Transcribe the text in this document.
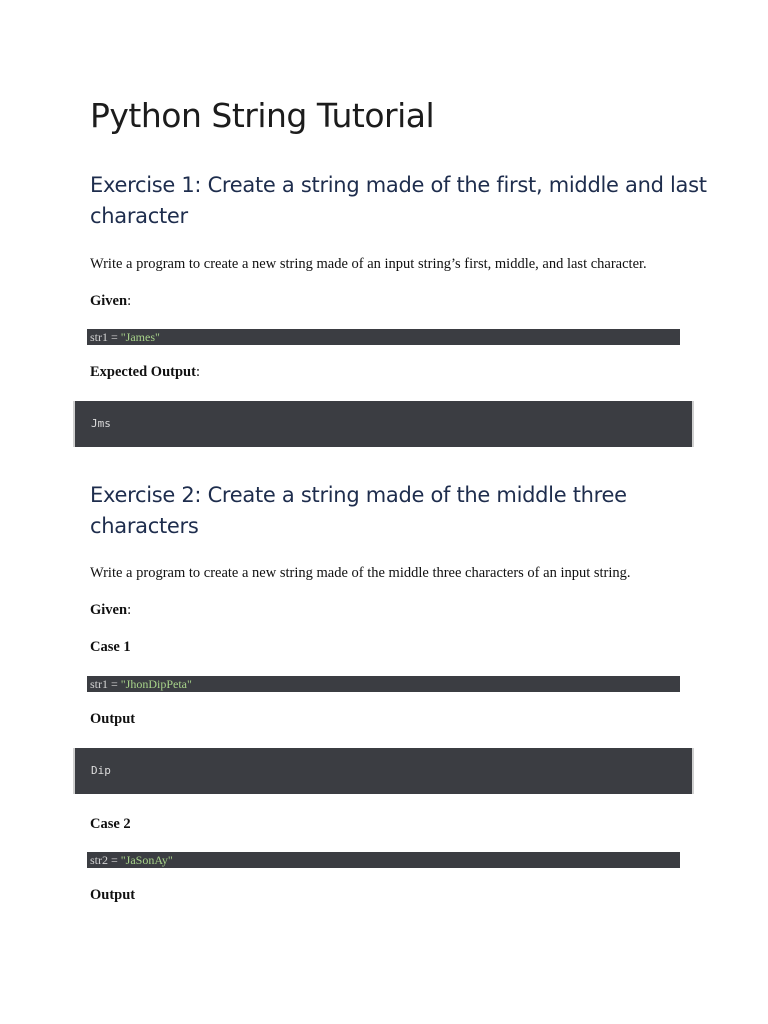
Python String Tutorial
Exercise 1: Create a string made of the first, middle and last character

Write a program to create a new string made of an input string’s first, middle, and last character.

Given:

str1 = "James"

Expected Output:

Jms
Exercise 2: Create a string made of the middle three characters

Write a program to create a new string made of the middle three characters of an input string.

Given:

Case 1

str1 = "JhonDipPeta"

Output

Dip

Case 2

str2 = "JaSonAy"

Output
